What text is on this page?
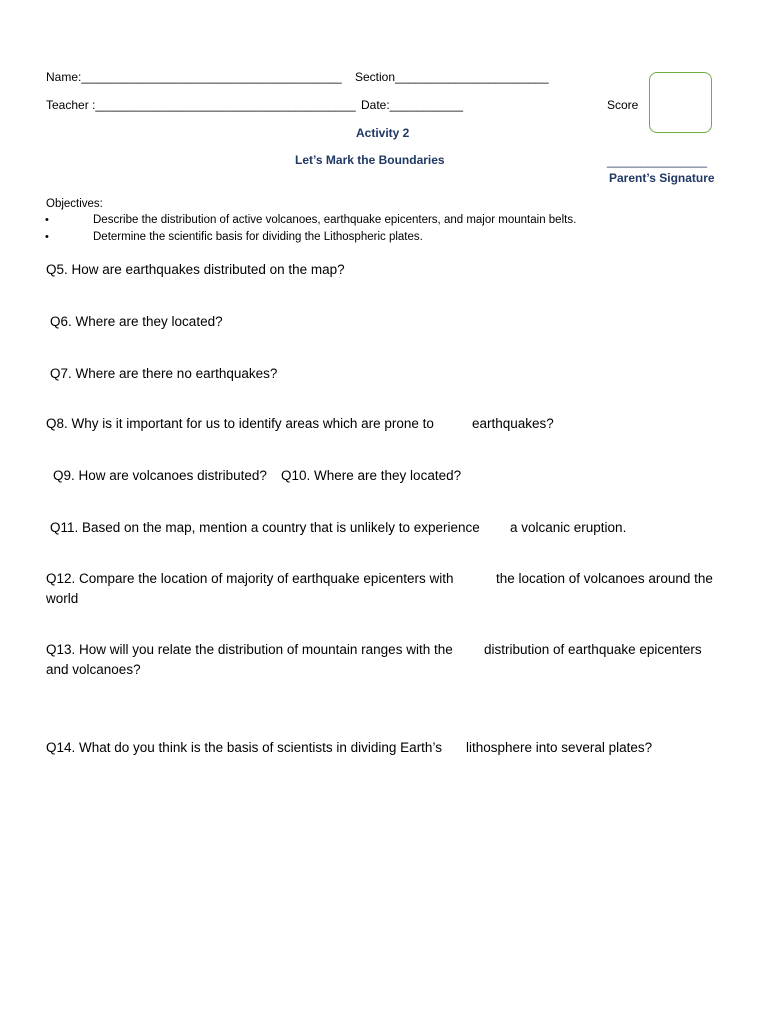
Name:_______________________________________ Section_______________________
Teacher :_______________________________________ Date:___________	Score
Activity 2
Let’s Mark the Boundaries	_______________
Parent’s Signature
Objectives:
•	Describe the distribution of active volcanoes, earthquake epicenters, and major mountain belts.
•	Determine the scientific basis for dividing the Lithospheric plates.
Q5. How are earthquakes distributed on the map?
Q6. Where are they located?
Q7. Where are there no earthquakes?
Q8. Why is it important for us to identify areas which are prone to	earthquakes?
Q9. How are volcanoes distributed? Q10. Where are they located?
Q11. Based on the map, mention a country that is unlikely to experience a volcanic eruption.
Q12. Compare the location of majority of earthquake epicenters with	the location of volcanoes around the
world
Q13. How will you relate the distribution of mountain ranges with the distribution of earthquake epicenters
and volcanoes?
Q14. What do you think is the basis of scientists in dividing Earth’s lithosphere into several plates?
